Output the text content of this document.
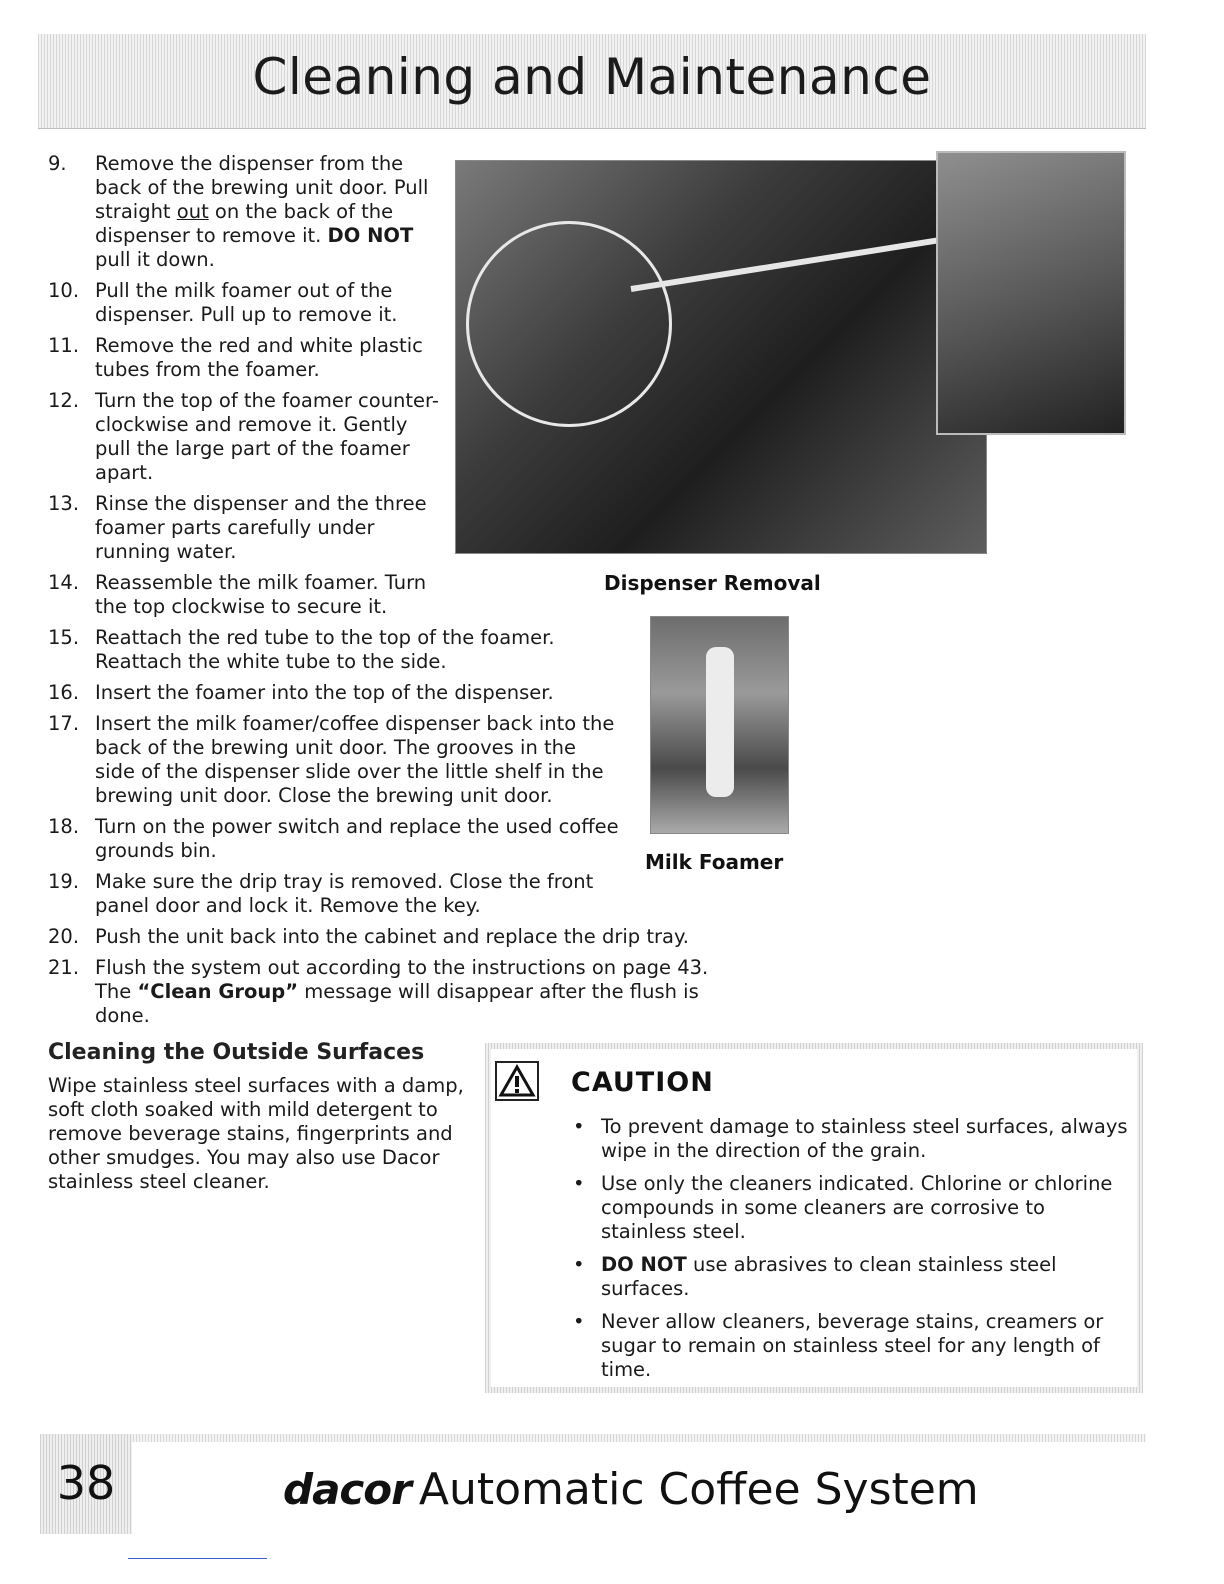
Cleaning and Maintenance
9. Remove the dispenser from the back of the brewing unit door. Pull straight out on the back of the dispenser to remove it. DO NOT pull it down.
10. Pull the milk foamer out of the dispenser. Pull up to remove it.
11. Remove the red and white plastic tubes from the foamer.
12. Turn the top of the foamer counter-clockwise and remove it. Gently pull the large part of the foamer apart.
13. Rinse the dispenser and the three foamer parts carefully under running water.
14. Reassemble the milk foamer. Turn the top clockwise to secure it.
15. Reattach the red tube to the top of the foamer. Reattach the white tube to the side.
16. Insert the foamer into the top of the dispenser.
17. Insert the milk foamer/coffee dispenser back into the back of the brewing unit door. The grooves in the side of the dispenser slide over the little shelf in the brewing unit door. Close the brewing unit door.
18. Turn on the power switch and replace the used coffee grounds bin.
19. Make sure the drip tray is removed. Close the front panel door and lock it. Remove the key.
20. Push the unit back into the cabinet and replace the drip tray.
21. Flush the system out according to the instructions on page 43. The “Clean Group” message will disappear after the flush is done.
Dispenser Removal
Milk Foamer
Cleaning the Outside Surfaces

Wipe stainless steel surfaces with a damp, soft cloth soaked with mild detergent to remove beverage stains, fingerprints and other smudges. You may also use Dacor stainless steel cleaner.

CAUTION
• To prevent damage to stainless steel surfaces, always wipe in the direction of the grain.
• Use only the cleaners indicated. Chlorine or chlorine compounds in some cleaners are corrosive to stainless steel.
• DO NOT use abrasives to clean stainless steel surfaces.
• Never allow cleaners, beverage stains, creamers or sugar to remain on stainless steel for any length of time.

38	dacor Automatic Coffee System
